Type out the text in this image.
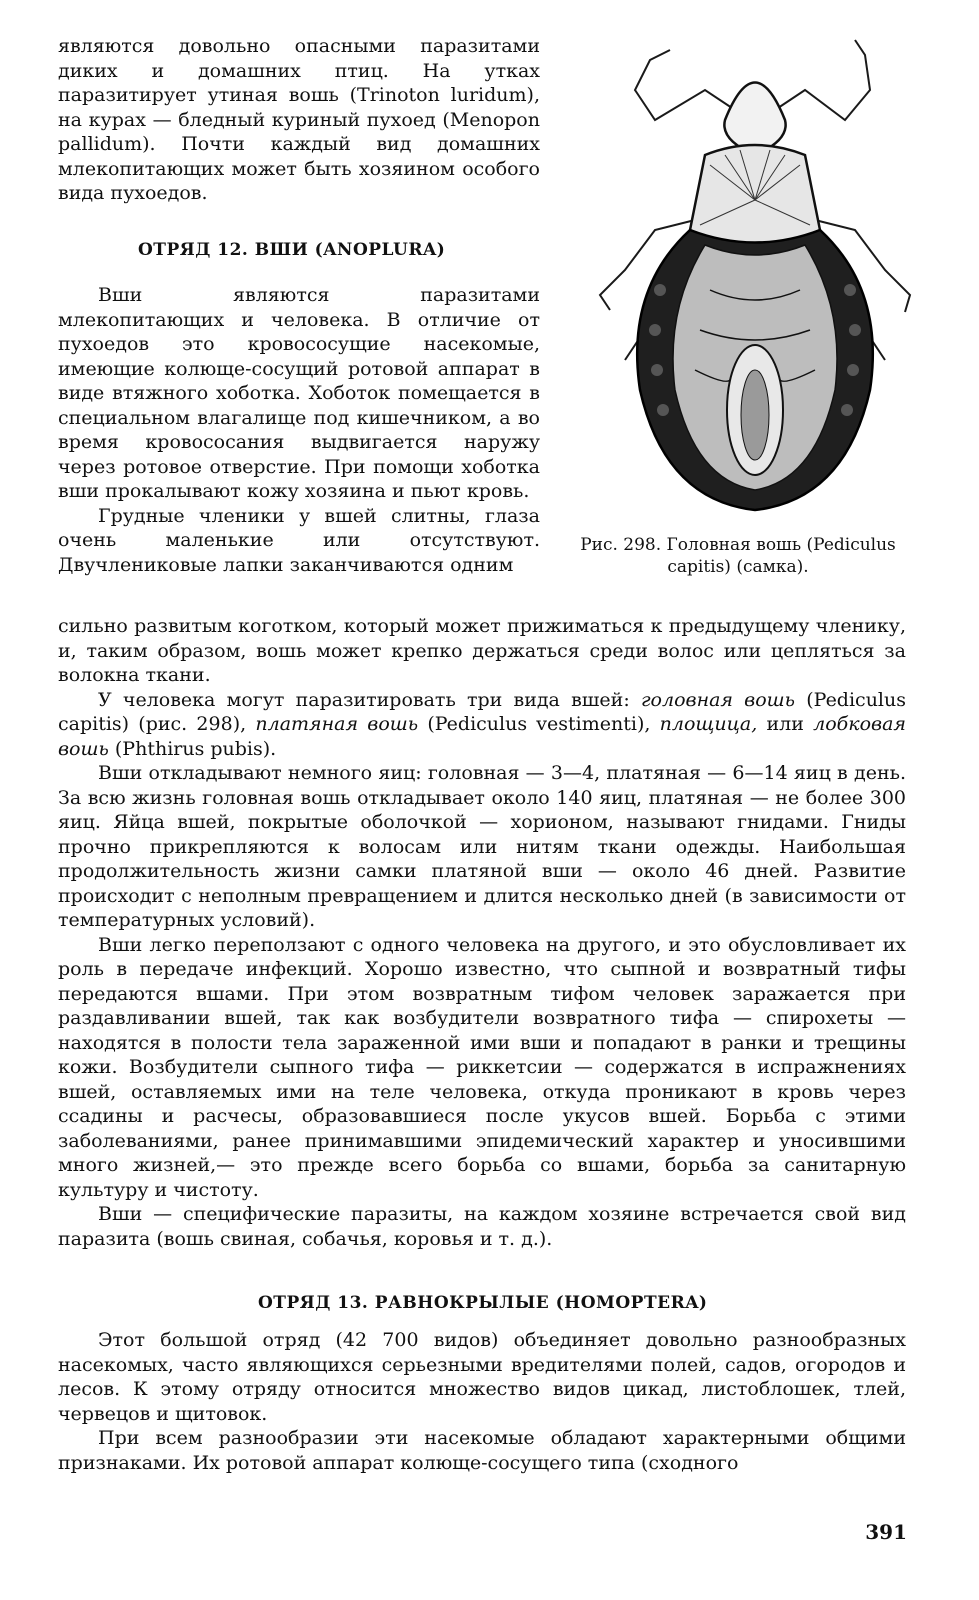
являются довольно опасными паразитами диких и домашних птиц. На утках паразитирует утиная вошь (Trinoton luridum), на курах — бледный куриный пухоед (Menopon pallidum). Почти каждый вид домашних млекопитающих может быть хозяином особого вида пухоедов.

ОТРЯД 12. ВШИ (ANOPLURA)

Вши являются паразитами млекопитающих и человека. В отличие от пухоедов это кровососущие насекомые, имеющие колюще-сосущий ротовой аппарат в виде втяжного хоботка. Хоботок помещается в специальном влагалище под кишечником, а во время кровососания выдвигается наружу через ротовое отверстие. При помощи хоботка вши прокалывают кожу хозяина и пьют кровь.

Грудные членики у вшей слитны, глаза очень маленькие или отсутствуют. Двучлениковые лапки заканчиваются одним

Рис. 298. Головная вошь (Pediculus capitis) (самка).

сильно развитым коготком, который может прижиматься к предыдущему членику, и, таким образом, вошь может крепко держаться среди волос или цепляться за волокна ткани.

У человека могут паразитировать три вида вшей: головная вошь (Pediculus capitis) (рис. 298), платяная вошь (Pediculus vestimenti), площица, или лобковая вошь (Phthirus pubis).

Вши откладывают немного яиц: головная — 3—4, платяная — 6—14 яиц в день. За всю жизнь головная вошь откладывает около 140 яиц, платяная — не более 300 яиц. Яйца вшей, покрытые оболочкой — хорионом, называют гнидами. Гниды прочно прикрепляются к волосам или нитям ткани одежды. Наибольшая продолжительность жизни самки платяной вши — около 46 дней. Развитие происходит с неполным превращением и длится несколько дней (в зависимости от температурных условий).

Вши легко переползают с одного человека на другого, и это обусловливает их роль в передаче инфекций. Хорошо известно, что сыпной и возвратный тифы передаются вшами. При этом возвратным тифом человек заражается при раздавливании вшей, так как возбудители возвратного тифа — спирохеты — находятся в полости тела зараженной ими вши и попадают в ранки и трещины кожи. Возбудители сыпного тифа — риккетсии — содержатся в испражнениях вшей, оставляемых ими на теле человека, откуда проникают в кровь через ссадины и расчесы, образовавшиеся после укусов вшей. Борьба с этими заболеваниями, ранее принимавшими эпидемический характер и уносившими много жизней,— это прежде всего борьба со вшами, борьба за санитарную культуру и чистоту.

Вши — специфические паразиты, на каждом хозяине встречается свой вид паразита (вошь свиная, собачья, коровья и т. д.).

ОТРЯД 13. РАВНОКРЫЛЫЕ (HOMOPTERA)

Этот большой отряд (42 700 видов) объединяет довольно разнообразных насекомых, часто являющихся серьезными вредителями полей, садов, огородов и лесов. К этому отряду относится множество видов цикад, листоблошек, тлей, червецов и щитовок.

При всем разнообразии эти насекомые обладают характерными общими признаками. Их ротовой аппарат колюще-сосущего типа (сходного

391
